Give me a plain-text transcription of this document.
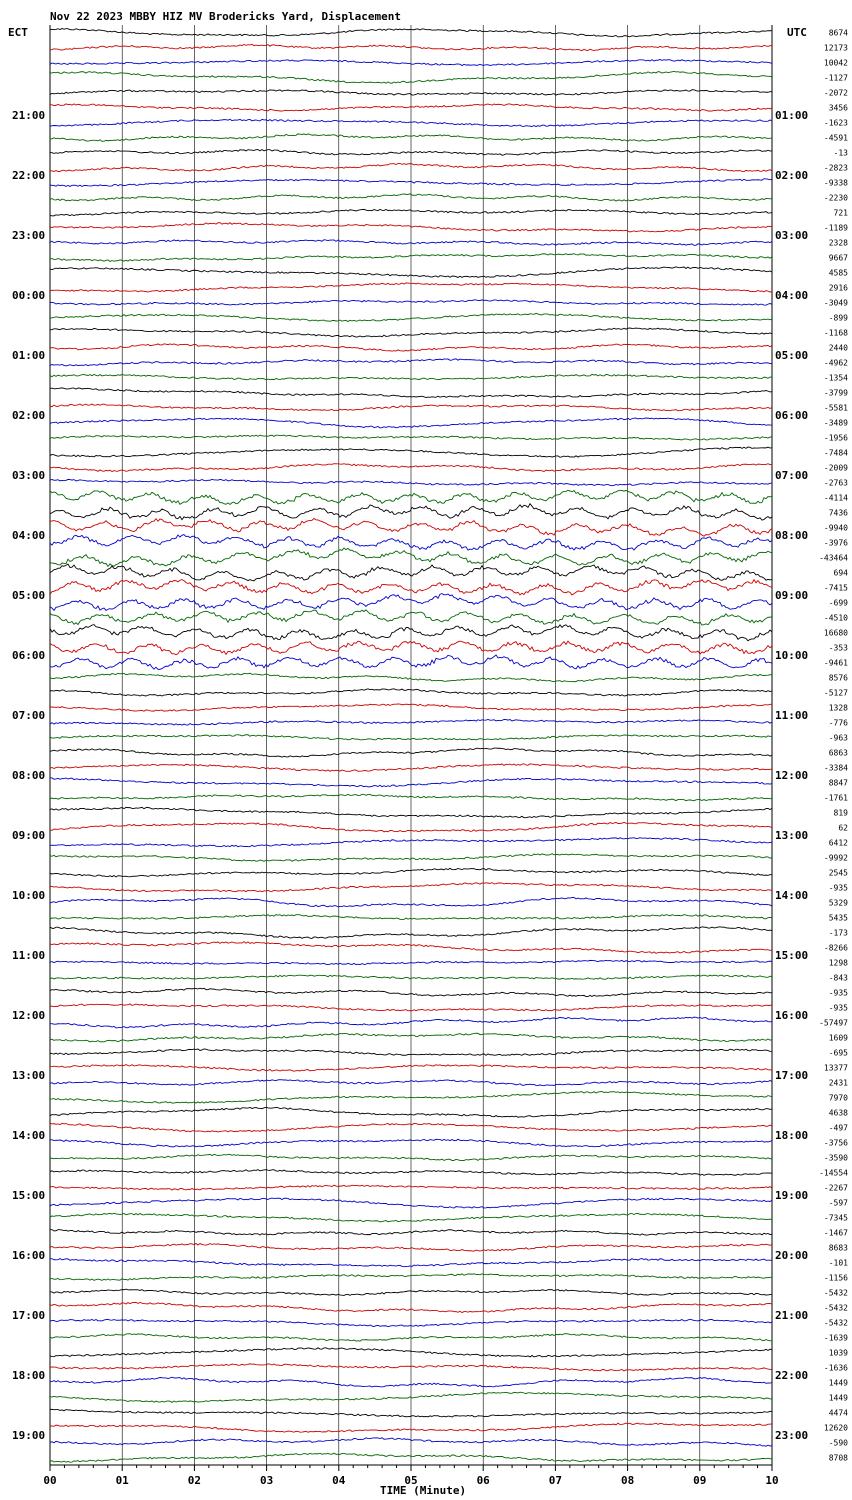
Nov 22 2023 MBBY HIZ MV Brodericks Yard, Displacement
ECT	UTC
TIME (Minute)
00	01	02	03	04	05	06	07	08	09	10
21:00
22:00
23:00
00:00
01:00
02:00
03:00
04:00
05:00
06:00
07:00
08:00
09:00
10:00
11:00
12:00
13:00
14:00
15:00
16:00
17:00
18:00
19:00
01:00
02:00
03:00
04:00
05:00
06:00
07:00
08:00
09:00
10:00
11:00
12:00
13:00
14:00
15:00
16:00
17:00
18:00
19:00
20:00
21:00
22:00
23:00
8674
12173
10042
-1127
-2072
3456
-1623
-4591
-13
-2823
-9338
-2230
721
-1189
2328
9667
4585
2916
-3049
-899
-1168
2440
-4962
-1354
-3799
-5581
-3489
-1956
-7484
-2009
-2763
-4114
7436
-9940
-3976
-43464
694
-7415
-699
-4510
16680
-353
-9461
8576
-5127
1328
-776
-963
6863
-3384
8847
-1761
819
62
6412
-9992
2545
-935
5329
5435
-173
-8266
1298
-843
-935
-935
-57497
1609
-695
13377
2431
7970
4638
-497
-3756
-3590
-14554
-2267
-597
-7345
-1467
8683
-101
-1156
-5432
-5432
-5432
-1639
1039
-1636
1449
1449
4474
12620
-590
8708
